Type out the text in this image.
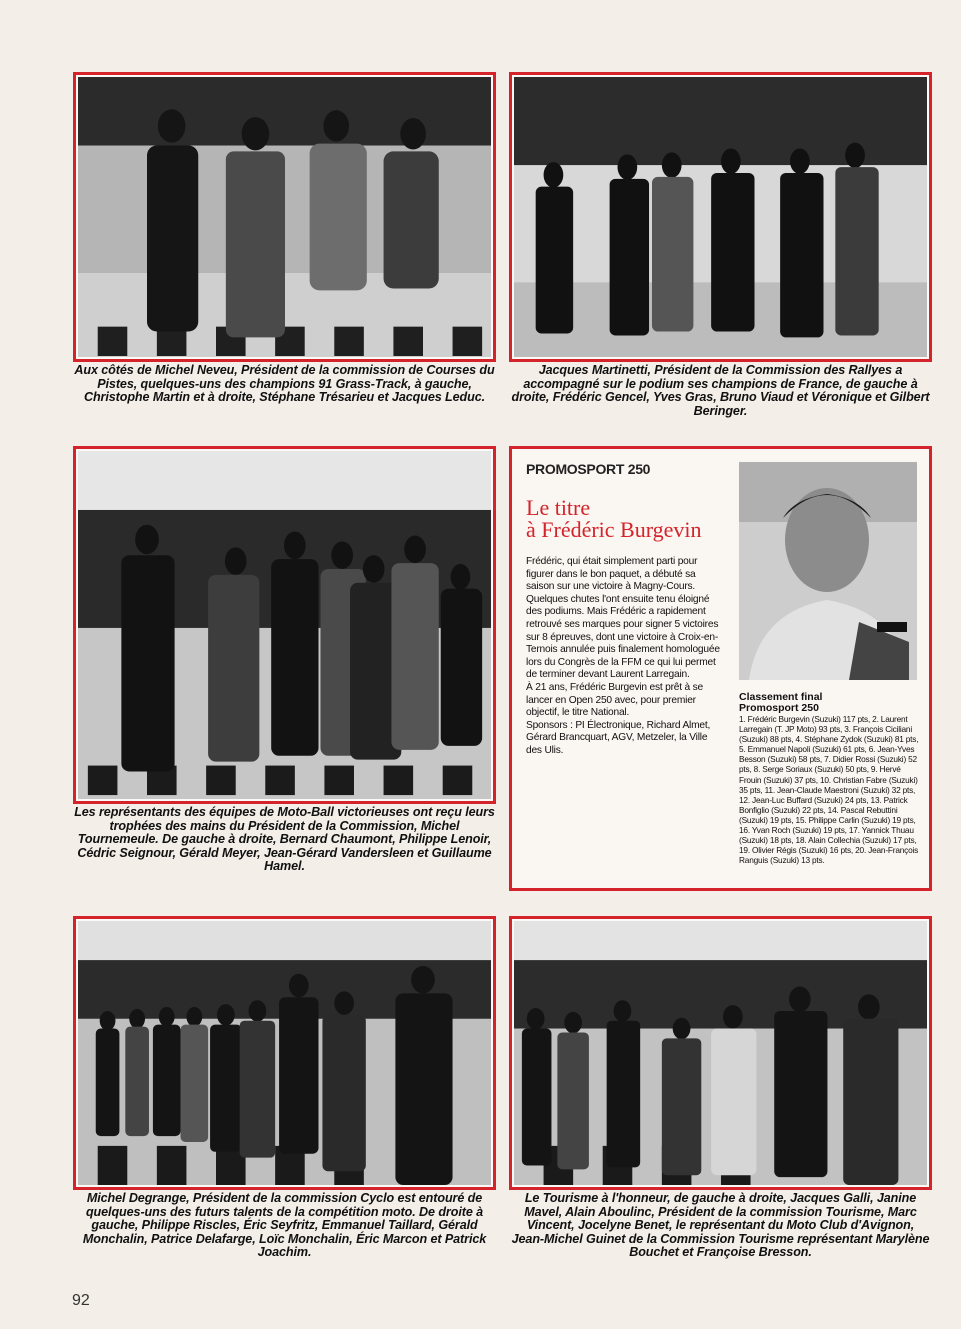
Aux côtés de Michel Neveu, Président de la commission de Courses du Pistes, quelques-uns des champions 91 Grass-Track, à gauche, Christophe Martin et à droite, Stéphane Trésarieu et Jacques Leduc.
Jacques Martinetti, Président de la Commission des Rallyes a accompagné sur le podium ses champions de France, de gauche à droite, Frédéric Gencel, Yves Gras, Bruno Viaud et Véronique et Gilbert Beringer.
Les représentants des équipes de Moto-Ball victorieuses ont reçu leurs trophées des mains du Président de la Commission, Michel Tournemeule. De gauche à droite, Bernard Chaumont, Philippe Lenoir, Cédric Seignour, Gérald Meyer, Jean-Gérard Vandersleen et Guillaume Hamel.
PROMOSPORT 250
Le titre
à Frédéric Burgevin

Frédéric, qui était simplement parti pour figurer dans le bon paquet, a débuté sa saison sur une victoire à Magny-Cours. Quelques chutes l'ont ensuite tenu éloigné des podiums. Mais Frédéric a rapidement retrouvé ses marques pour signer 5 victoires sur 8 épreuves, dont une victoire à Croix-en-Ternois annulée puis finalement homologuée lors du Congrès de la FFM ce qui lui permet de terminer devant Laurent Larregain.

À 21 ans, Frédéric Burgevin est prêt à se lancer en Open 250 avec, pour premier objectif, le titre National.

Sponsors : PI Électronique, Richard Almet, Gérard Brancquart, AGV, Metzeler, la Ville des Ulis.

Classement final
Promosport 250
1. Frédéric Burgevin (Suzuki) 117 pts, 2. Laurent Larregain (T. JP Moto) 93 pts, 3. François Ciciliani (Suzuki) 88 pts, 4. Stéphane Zydok (Suzuki) 81 pts, 5. Emmanuel Napoli (Suzuki) 61 pts, 6. Jean-Yves Besson (Suzuki) 58 pts, 7. Didier Rossi (Suzuki) 52 pts, 8. Serge Soriaux (Suzuki) 50 pts, 9. Hervé Frouin (Suzuki) 37 pts, 10. Christian Fabre (Suzuki) 35 pts, 11. Jean-Claude Maestroni (Suzuki) 32 pts, 12. Jean-Luc Buffard (Suzuki) 24 pts, 13. Patrick Bonfiglio (Suzuki) 22 pts, 14. Pascal Rebuttini (Suzuki) 19 pts, 15. Philippe Carlin (Suzuki) 19 pts, 16. Yvan Roch (Suzuki) 19 pts, 17. Yannick Thuau (Suzuki) 18 pts, 18. Alain Collechia (Suzuki) 17 pts, 19. Olivier Régis (Suzuki) 16 pts, 20. Jean-François Ranguis (Suzuki) 13 pts.
Michel Degrange, Président de la commission Cyclo est entouré de quelques-uns des futurs talents de la compétition moto. De droite à gauche, Philippe Riscles, Éric Seyfritz, Emmanuel Taillard, Gérald Monchalin, Patrice Delafarge, Loïc Monchalin, Éric Marcon et Patrick Joachim.
Le Tourisme à l'honneur, de gauche à droite, Jacques Galli, Janine Mavel, Alain Aboulinc, Président de la commission Tourisme, Marc Vincent, Jocelyne Benet, le représentant du Moto Club d'Avignon, Jean-Michel Guinet de la Commission Tourisme représentant Marylène Bouchet et Françoise Bresson.
92
